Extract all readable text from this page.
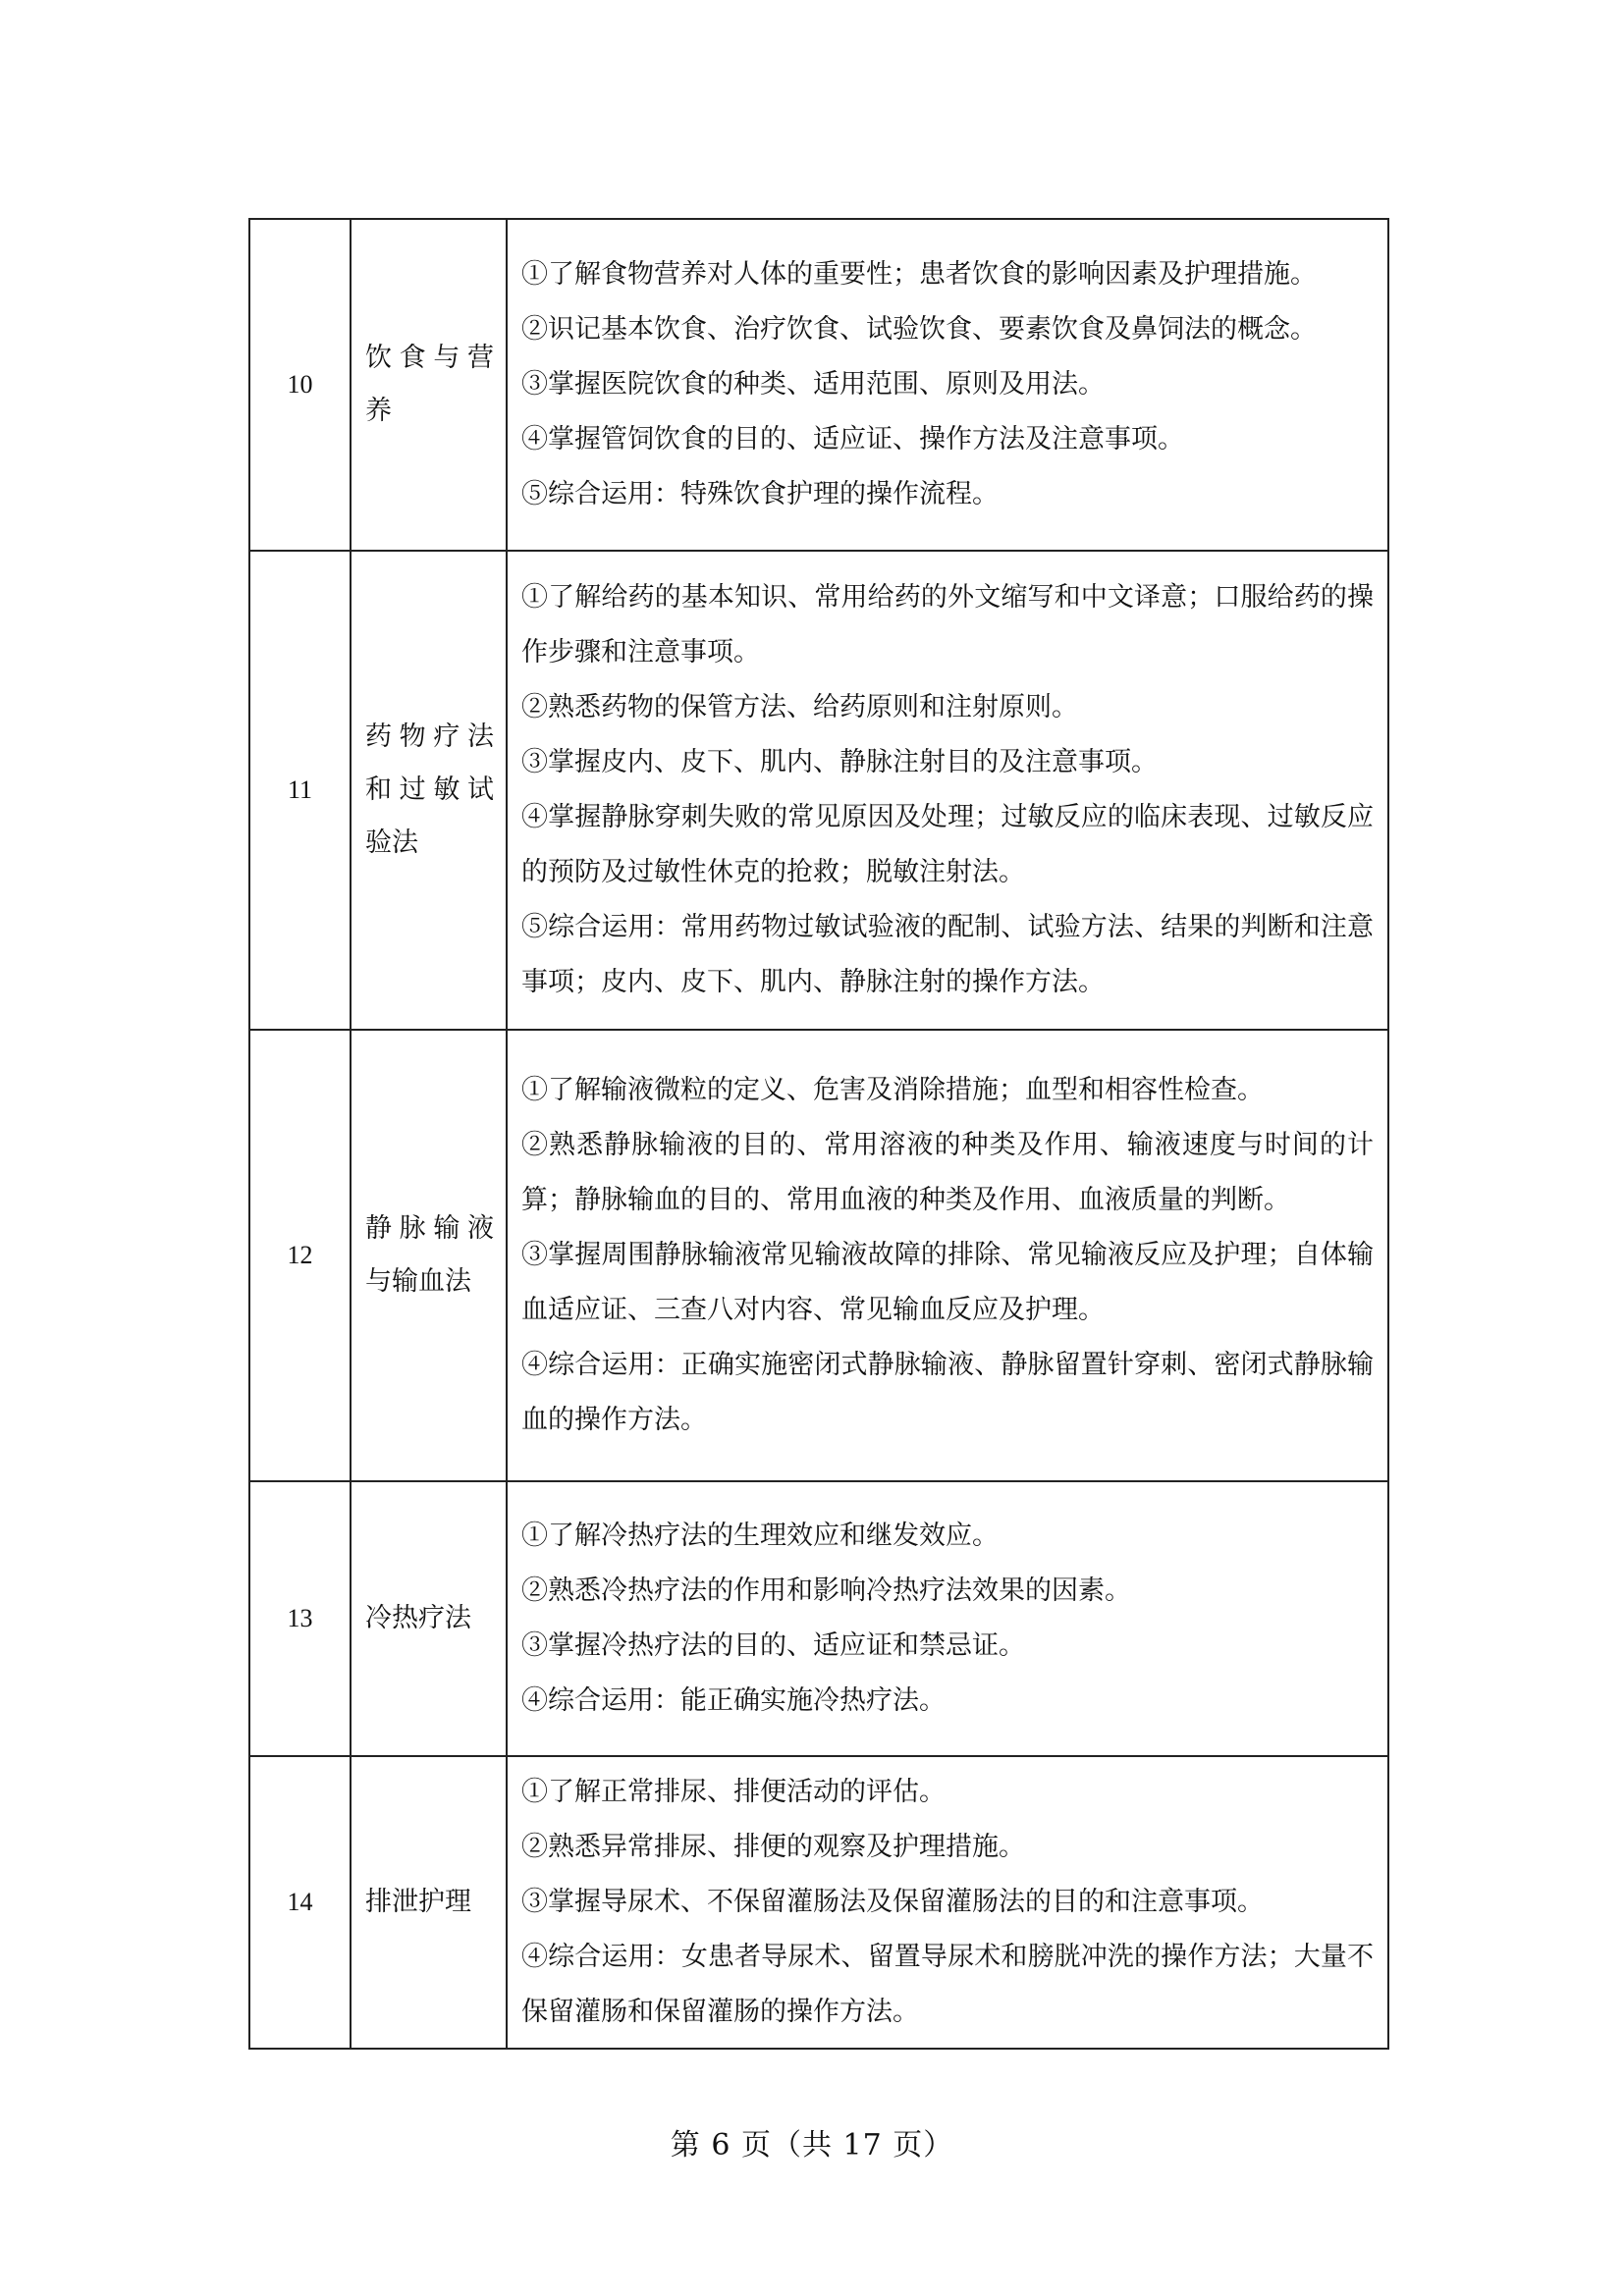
10	饮食与营养	①了解食物营养对人体的重要性；患者饮食的影响因素及护理措施。

②识记基本饮食、治疗饮食、试验饮食、要素饮食及鼻饲法的概念。

③掌握医院饮食的种类、适用范围、原则及用法。

④掌握管饲饮食的目的、适应证、操作方法及注意事项。

⑤综合运用：特殊饮食护理的操作流程。

11	药物疗法和过敏试验法	①了解给药的基本知识、常用给药的外文缩写和中文译意；口服给药的操作步骤和注意事项。

②熟悉药物的保管方法、给药原则和注射原则。

③掌握皮内、皮下、肌内、静脉注射目的及注意事项。

④掌握静脉穿刺失败的常见原因及处理；过敏反应的临床表现、过敏反应的预防及过敏性休克的抢救；脱敏注射法。

⑤综合运用：常用药物过敏试验液的配制、试验方法、结果的判断和注意事项；皮内、皮下、肌内、静脉注射的操作方法。

12	静脉输液与输血法	①了解输液微粒的定义、危害及消除措施；血型和相容性检查。

②熟悉静脉输液的目的、常用溶液的种类及作用、输液速度与时间的计算；静脉输血的目的、常用血液的种类及作用、血液质量的判断。

③掌握周围静脉输液常见输液故障的排除、常见输液反应及护理；自体输血适应证、三查八对内容、常见输血反应及护理。

④综合运用：正确实施密闭式静脉输液、静脉留置针穿刺、密闭式静脉输血的操作方法。

13	冷热疗法	①了解冷热疗法的生理效应和继发效应。

②熟悉冷热疗法的作用和影响冷热疗法效果的因素。

③掌握冷热疗法的目的、适应证和禁忌证。

④综合运用：能正确实施冷热疗法。

14	排泄护理	①了解正常排尿、排便活动的评估。

②熟悉异常排尿、排便的观察及护理措施。

③掌握导尿术、不保留灌肠法及保留灌肠法的目的和注意事项。

④综合运用：女患者导尿术、留置导尿术和膀胱冲洗的操作方法；大量不保留灌肠和保留灌肠的操作方法。

第 6 页（共 17 页）
